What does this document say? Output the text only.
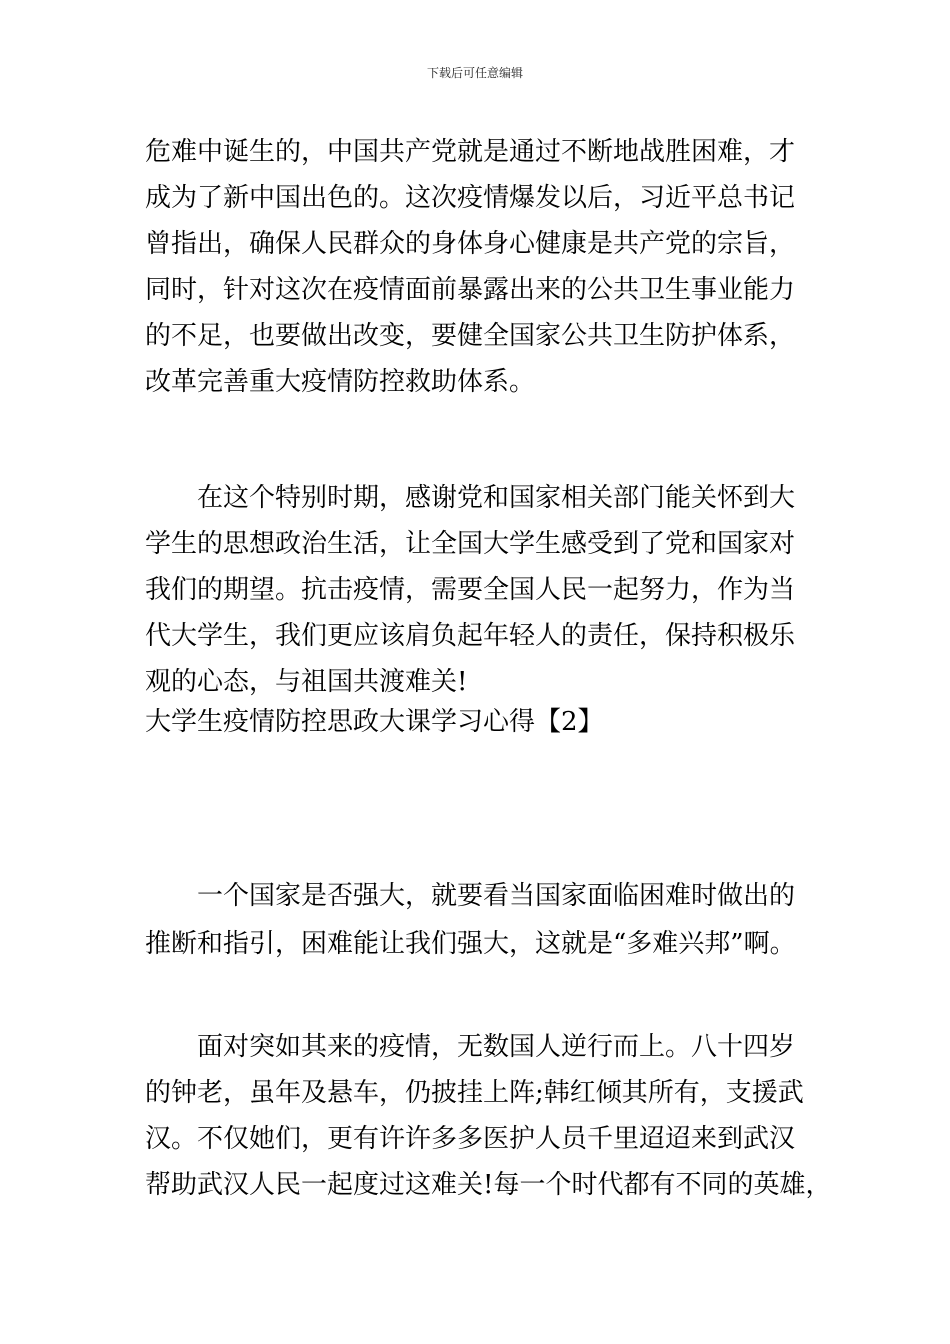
下载后可任意编辑
危难中诞生的，中国共产党就是通过不断地战胜困难，才
成为了新中国出色的。这次疫情爆发以后，习近平总书记
曾指出，确保人民群众的身体身心健康是共产党的宗旨，
同时，针对这次在疫情面前暴露出来的公共卫生事业能力
的不足，也要做出改变，要健全国家公共卫生防护体系，
改革完善重大疫情防控救助体系。
在这个特别时期，感谢党和国家相关部门能关怀到大
学生的思想政治生活，让全国大学生感受到了党和国家对
我们的期望。抗击疫情，需要全国人民一起努力，作为当
代大学生，我们更应该肩负起年轻人的责任，保持积极乐
观的心态，与祖国共渡难关!
大学生疫情防控思政大课学习心得【2】
一个国家是否强大，就要看当国家面临困难时做出的
推断和指引，困难能让我们强大，这就是“多难兴邦”啊。
面对突如其来的疫情，无数国人逆行而上。八十四岁
的钟老，虽年及悬车，仍披挂上阵;韩红倾其所有，支援武
汉。不仅她们，更有许许多多医护人员千里迢迢来到武汉
帮助武汉人民一起度过这难关!每一个时代都有不同的英雄，
